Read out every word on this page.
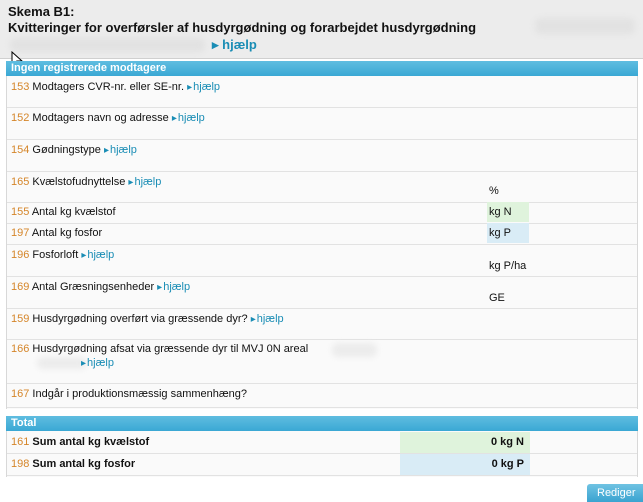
Skema B1:
Kvitteringer for overførsler af husdyrgødning og forarbejdet husdyrgødning
▸ hjælp
Ingen registrerede modtagere
153 Modtagers CVR-nr. eller SE-nr. ▸ hjælp
152 Modtagers navn og adresse ▸ hjælp
154 Gødningstype ▸ hjælp
165 Kvælstofudnyttelse ▸ hjælp
%
155 Antal kg kvælstof	kg N
197 Antal kg fosfor	kg P
196 Fosforloft ▸ hjælp
kg P/ha
169 Antal Græsningsenheder ▸ hjælp
GE
159 Husdyrgødning overført via græssende dyr? ▸ hjælp
166 Husdyrgødning afsat via græssende dyr til MVJ 0N areal
▸ hjælp
167 Indgår i produktionsmæssig sammenhæng?
Total
161 Sum antal kg kvælstof	0 kg N
198 Sum antal kg fosfor	0 kg P
Rediger
